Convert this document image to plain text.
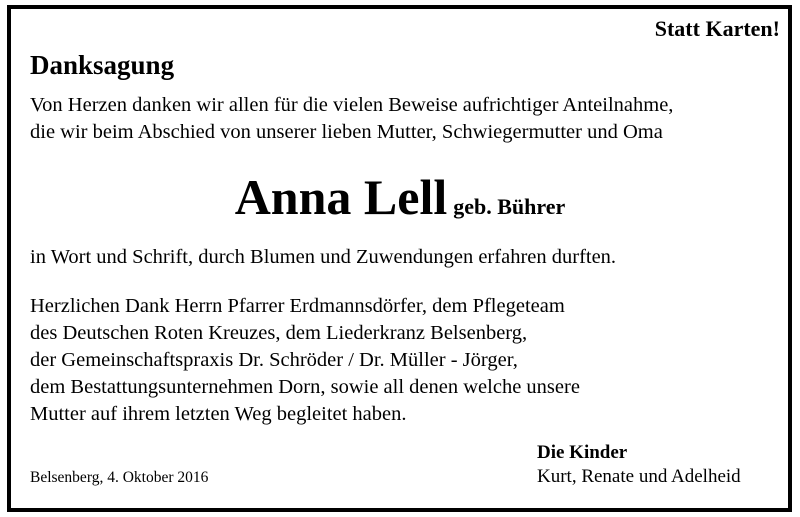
Statt Karten!
Danksagung
Von Herzen danken wir allen für die vielen Beweise aufrichtiger Anteilnahme,
die wir beim Abschied von unserer lieben Mutter, Schwiegermutter und Oma
Anna Lell geb. Bührer
in Wort und Schrift, durch Blumen und Zuwendungen erfahren durften.
Herzlichen Dank Herrn Pfarrer Erdmannsdörfer, dem Pflegeteam
des Deutschen Roten Kreuzes, dem Liederkranz Belsenberg,
der Gemeinschaftspraxis Dr. Schröder / Dr. Müller - Jörger,
dem Bestattungsunternehmen Dorn, sowie all denen welche unsere
Mutter auf ihrem letzten Weg begleitet haben.
Die Kinder
Kurt, Renate und Adelheid
Belsenberg, 4. Oktober 2016
